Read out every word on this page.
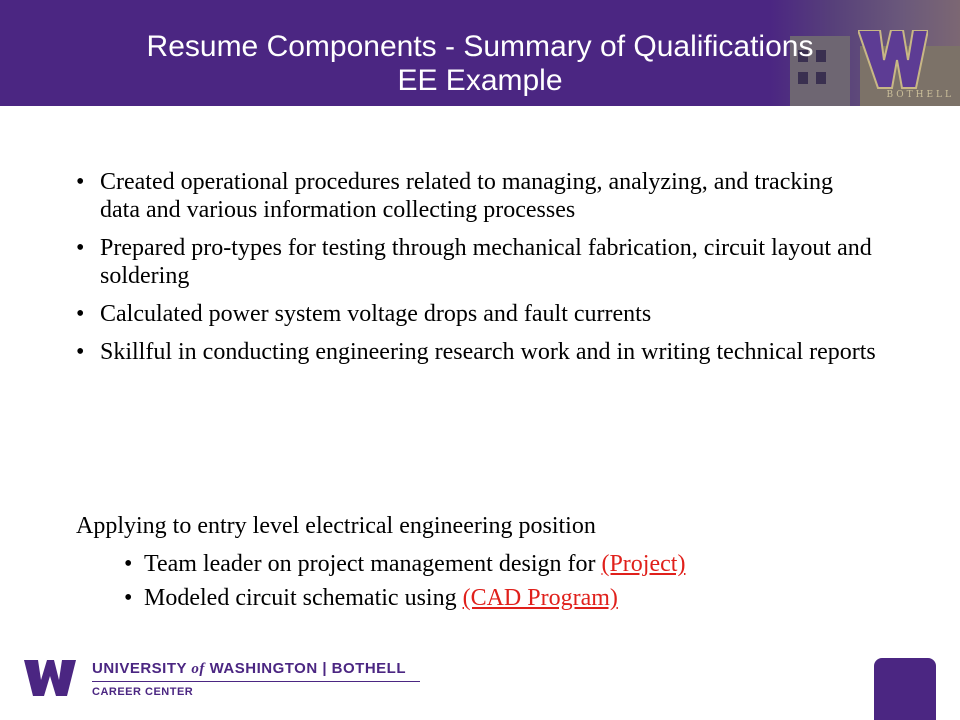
BOTHELL
Resume Components - Summary of Qualifications
EE Example
• Created operational procedures related to managing, analyzing, and tracking data and various information collecting processes
• Prepared pro-types for testing through mechanical fabrication, circuit layout and soldering
• Calculated power system voltage drops and fault currents
• Skillful in conducting engineering research work and in writing technical reports
Applying to entry level electrical engineering position
• Team leader on project management design for (Project)
• Modeled circuit schematic using (CAD Program)
UNIVERSITY of WASHINGTON | BOTHELL
CAREER CENTER
